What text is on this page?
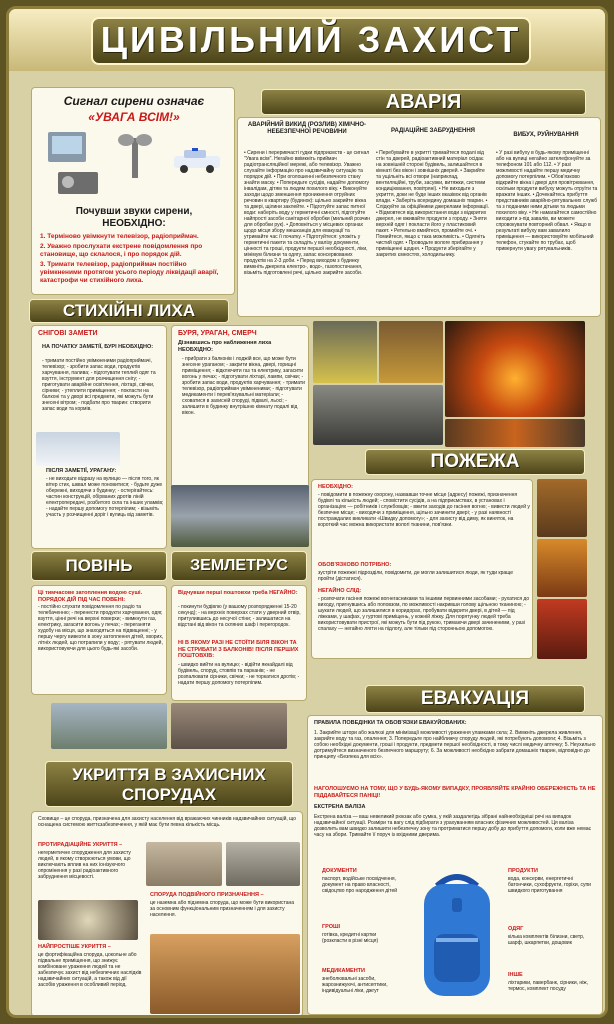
ЦИВІЛЬНИЙ ЗАХИСТ
Сигнал сирени означає
«УВАГА ВСІМ!»
Почувши звуки сирени, НЕОБХІДНО:
1. Терміново увімкнути телевізор, радіоприймач.
2. Уважно прослухати екстрене повідомлення про становище, що склалося, і про порядок дій.
3. Тримати телевізор, радіоприймач постійно увімкненими протягом усього періоду ліквідації аварії, катастрофи чи стихійного лиха.
АВАРІЯ
АВАРІЙНИЙ ВИКИД (РОЗЛИВ) ХІМІЧНО-НЕБЕЗПЕЧНОЇ РЕЧОВИНИ
• Сирени і переривчасті гудки підприємств - це сигнал "Увага всім". Негайно ввімкніть приймач радіотрансляційної мережі, або телевізор. Уважно слухайте інформацію про надзвичайну ситуацію та порядок дій. • При оголошенні небезпечного стану знайти маску. • Попередьте сусідів, надайте допомогу інвалідам, дітям та людям похилого віку. • Виконуйте заходи щодо зменшення проникнення отруйних речовин в квартиру (будинок): щільно закрийте вікна та двері, щілини заклейте. • Підготуйте запас питної води: наберіть воду у герметичні ємності, підготуйте найпрості засоби санітарної обробки (мильний розчин для обробки рук). • Доповніться у місцевих органах щодо місця збору мешканців для евакуації та утримайте час її початку. • Підготуйтеся: уложіть у герметичні пакети та складіть у валізу документи, цінності та гроші, продукти першої необхідності, ліки, мінімум білизни та одягу, запас консервованих продуктів на 2-3 доби. • Перед виходом з будинку вимкніть джерела електро-, водо-, газопостачання, візьміть підготовлені речі, щільно закрийте засоби.
РАДІАЦІЙНЕ ЗАБРУДНЕННЯ
• Перебувайте в укритті тримайтеся подалі від стін та дверей, радіоактивний матеріал осідає на зовнішній стороні будівель, залишайтеся в кімнаті без вікон і зовнішніх дверей. • Закрийте та ущільніть всі отвори (наприклад, вентиляційні, труби, засувки, витяжки, системи кондиціювання, повітряні). • Не виходьте з укриття, доки не буде інших вказівок від органів влади. • Заберіть всередину домашніх тварин. • Слідкуйте за офіційними джерелами інформації. • Відмовтеся від використання води з відкритих джерел, не вживайте продукти з городу. • Зняти верхній одяг і покласти його у пластиковий пакет. • Ретельно вмийтеся, промийте очі. • Помийтеся, якщо є така можливість. • Одягніть чистий одяг. • Проводьте вологе прибирання у приміщенні щодня. • Продукти зберігайте у закритих ємностях, холодильнику.
ВИБУХ, РУЙНУВАННЯ
• У разі вибуху в будь-якому приміщенні або на вулиці негайно зателефонуйте за телефоном 101 або 112. • У разі можливості надайте першу медичну допомогу потерпілим. • Обов'язково відкрийте вікна і двері для провітрювання, оскільки продукти вибуху можуть отруїти та вражати інших. • Дочекайтесь прибуття представників аварійно-рятувальних служб та з поданими ними дітьми та людьми похилого віку. • Не намагайтеся самостійно виходити з-під завалів, ви можете спровокувати повторний обвал. • Якщо в результаті вибуху вам завалило приміщення — використовуйте мобільний телефон, стукайте по трубах, щоб привернути увагу рятувальників.
СТИХІЙНІ ЛИХА
СНІГОВІ ЗАМЕТИ
НА ПОЧАТКУ ЗАМЕТІЇ, БУРІ НЕОБХІДНО:
- тримати постійно увімкненими радіоприймачі, телевізор; - зробити запас води, продуктів харчування, палива; - підготувати теплий одяг та взуття, інструмент для розчищення снігу; - приготувати аварійне освітлення, ліхтарі, свічки, сірники; - утеплити приміщення; - покласти на балконі та у дворі всі предмети, які можуть бути знесені вітром; - подбати про тварин: створити запас води та кормів.
ПІСЛЯ ЗАМЕТІЇ, УРАГАНУ:
- не виходьте відразу на вулицю — після того, як вітер стих, шквал може поновитися; - будьте дуже обережні, виходячи з будинку; - остерігайтесь: частин конструкцій, обірваних дротів ліній електропередачі, розбитого скла та інших уламків; - надайте першу допомогу потерпілим; - візьміть участь у розчищенні доріг і вулиць від заметів.
БУРЯ, УРАГАН, СМЕРЧ
Дізнавшись про наближення лиха НЕОБХІДНО:
- прибрати з балконів і лоджій все, що може бути знесене ураганом; - закрити вікна, двері, горищні приміщення; - відключити газ та електрику, загасити вогонь у печах; - підготувати ліхтарі, лампи, свічки; - зробити запас води, продуктів харчування; - тримати телевізор, радіоприймач увімкненими; - підготувати медикаменти і перев'язувальні матеріали; - сховатися в захисній споруді, підвалі, льосі; - залишити в будинку внутрішню кімнату подалі від вікон.
ПОЖЕЖА
НЕОБХІДНО:
- повідомити в пожежну охорону, назвавши точне місце (адресу) пожежі, призначення будівлі та кількість людей; - сповістити сусідів, а на підприємствах, в установах і організаціях — робітників і службовців; - вжити заходів до гасіння вогню; - вивести людей у безпечне місце; - виходячи з приміщення, щільно зачинити двері; - у разі наявності постраждалих викликати «Швидку допомогу»; - для захисту від диму, як виняток, на короткий час можна використати вологі тканини, пов'язки.
ОБОВ'ЯЗКОВО ПОТРІБНО:
зустріти пожежні підрозділи, повідомити, де могли залишитися люди, як туди краще пройти (дістатися).
НЕГАЙНО СЛІД:
- розпочати гасіння пожежі вогнегасниками та іншими первинними засобами; - рухатися до виходу, пригнувшись або поповзом, по можливості накривши голову щільною тканиною; - шукати людей, що залишилися в коридорах, пробувати відкрити двері, в дітей — під ліжками, у шафах, у гуртові приміщень, у кожній ліжку. Для порятунку людей треба використовувати пристрої, які можуть бути під рукою, тримаючи двері зачиненими, у разі спалаху — негайно лягти на підлогу, але тільки під сторонньою допомогою.
ПОВІНЬ
Ці тимчасове затоплення водою суші. ПОРЯДОК ДІЙ ПІД ЧАС ПОВЕНІ:
- постійно слухати повідомлення по радіо та телебаченню; - перенести продукти харчування, одяг, взуття, цінні речі на верхні поверхи; - вимкнути газ, електрику, загасити вогонь у печах; - переганяти худобу на місця, що знаходяться на підвищенні; - у першу чергу вивезти в зону затоплення дітей, хворих, літніх людей, що потрапили у воду; - рятувати людей, використовуючи для цього будь-які засоби.
ЗЕМЛЕТРУС
Відчувши перші поштовхи треба НЕГАЙНО:
- покинути будівлю (у вашому розпорядженні 15-20 секунд); - на верхніх поверхах стати у дверний отвір, притулившись до несучої стіни; - залишатися на відстані від вікон та скляних шаф і перегородок.
НІ В ЯКОМУ РАЗІ НЕ СТОЇТИ БІЛЯ ВІКОН ТА НЕ СТРИБАТИ З БАЛКОНІВ! ПІСЛЯ ПЕРШИХ ПОШТОВХІВ:
- швидко вийти на вулицю; - відійти якнайдалі від будівель, споруд, стовпів та парканів; - не розпалювати сірники, свічки; - не торкатися дротів; - надати першу допомогу потерпілим.
ЕВАКУАЦІЯ
ПРАВИЛА ПОВЕДІНКИ ТА ОБОВ'ЯЗКИ ЕВАКУЙОВАНИХ:
1. Закрийте штори або жалюзі для мінімізації можливості ураження уламками скла; 2. Вимкніть джерела живлення, закрийте воду та газ, опалення; 3. Попередьте про найближчу споруду людей, які потребують допомоги; 4. Візьміть з собою необхідні документи, гроші і продукти, предмети першої необхідності, в тому числі медичну аптечку; 5. Неухильно дотримуйтеся визначеного безпечного маршруту; 6. За можливості необхідно забрати домашніх тварин, відповідно до принципу «Безпека для всіх».
НАГОЛОШУЄМО НА ТОМУ, ЩО У БУДЬ-ЯКОМУ ВИПАДКУ, ПРОЯВЛЯЙТЕ КРАЙНЮ ОБЕРЕЖНІСТЬ ТА НЕ ПІДДАВАЙТЕСЯ ПАНІЦІ!
ЕКСТРЕНА ВАЛІЗА
Екстрена валіза — ваш невеликий рюкзак або сумка, у якій заздалегідь зібрані найнеобхідніші речі на випадок надзвичайної ситуації. Розміри та вагу слід підбирати з урахуванням власних фізичних можливостей. Ця валіза дозволить вам швидко залишити небезпечну зону та протриматися першу добу до прибуття допомоги, коли вже немає часу на збори. Тримайте її поруч із вхідними дверима.
ДОКУМЕНТИ
паспорт, водійське посвідчення, документ на право власності, свідоцтво про народження дітей
ГРОШІ
готівка, кредитні картки (розкласти в різні місця)
МЕДИКАМЕНТИ
знеболювальні засоби, жарознижуючі, антисептики, індивідуальні ліки, джгут
ПРОДУКТИ
вода, консерви, енергетичні батончики, сухофрукти, горіхи, супи швидкого приготування
ОДЯГ
кілька комплектів білизни, светр, шарф, шкарпетки, дощовик
ІНШЕ
ліхтарики, павербанк, сірники, ніж, термос, комплект посуду
УКРИТТЯ В ЗАХИСНИХ СПОРУДАХ
Сховище – це споруда, призначена для захисту населення від вражаючих чинників надзвичайних ситуацій, що оснащена системою життєзабезпечення, у якій має бути певна кількість місць.
ПРОТИРАДІАЦІЙНЕ УКРИТТЯ –
негерметичне спорудження для захисту людей, в якому створюються умови, що виключають вплив на них іонізуючого опромінення у разі радіоактивного забруднення місцевості.
СПОРУДА ПОДВІЙНОГО ПРИЗНАЧЕННЯ –
це наземна або підземна споруда, що може бути використана за основним функціональним призначенням і для захисту населення.
НАЙПРОСТІШЕ УКРИТТЯ –
це фортифікаційна споруда, цокольне або підвальне приміщення, що знижує комбіноване ураження людей та не забезпечує захист від небезпечних наслідків надзвичайних ситуацій, а також від дії засобів ураження в особливий період.
